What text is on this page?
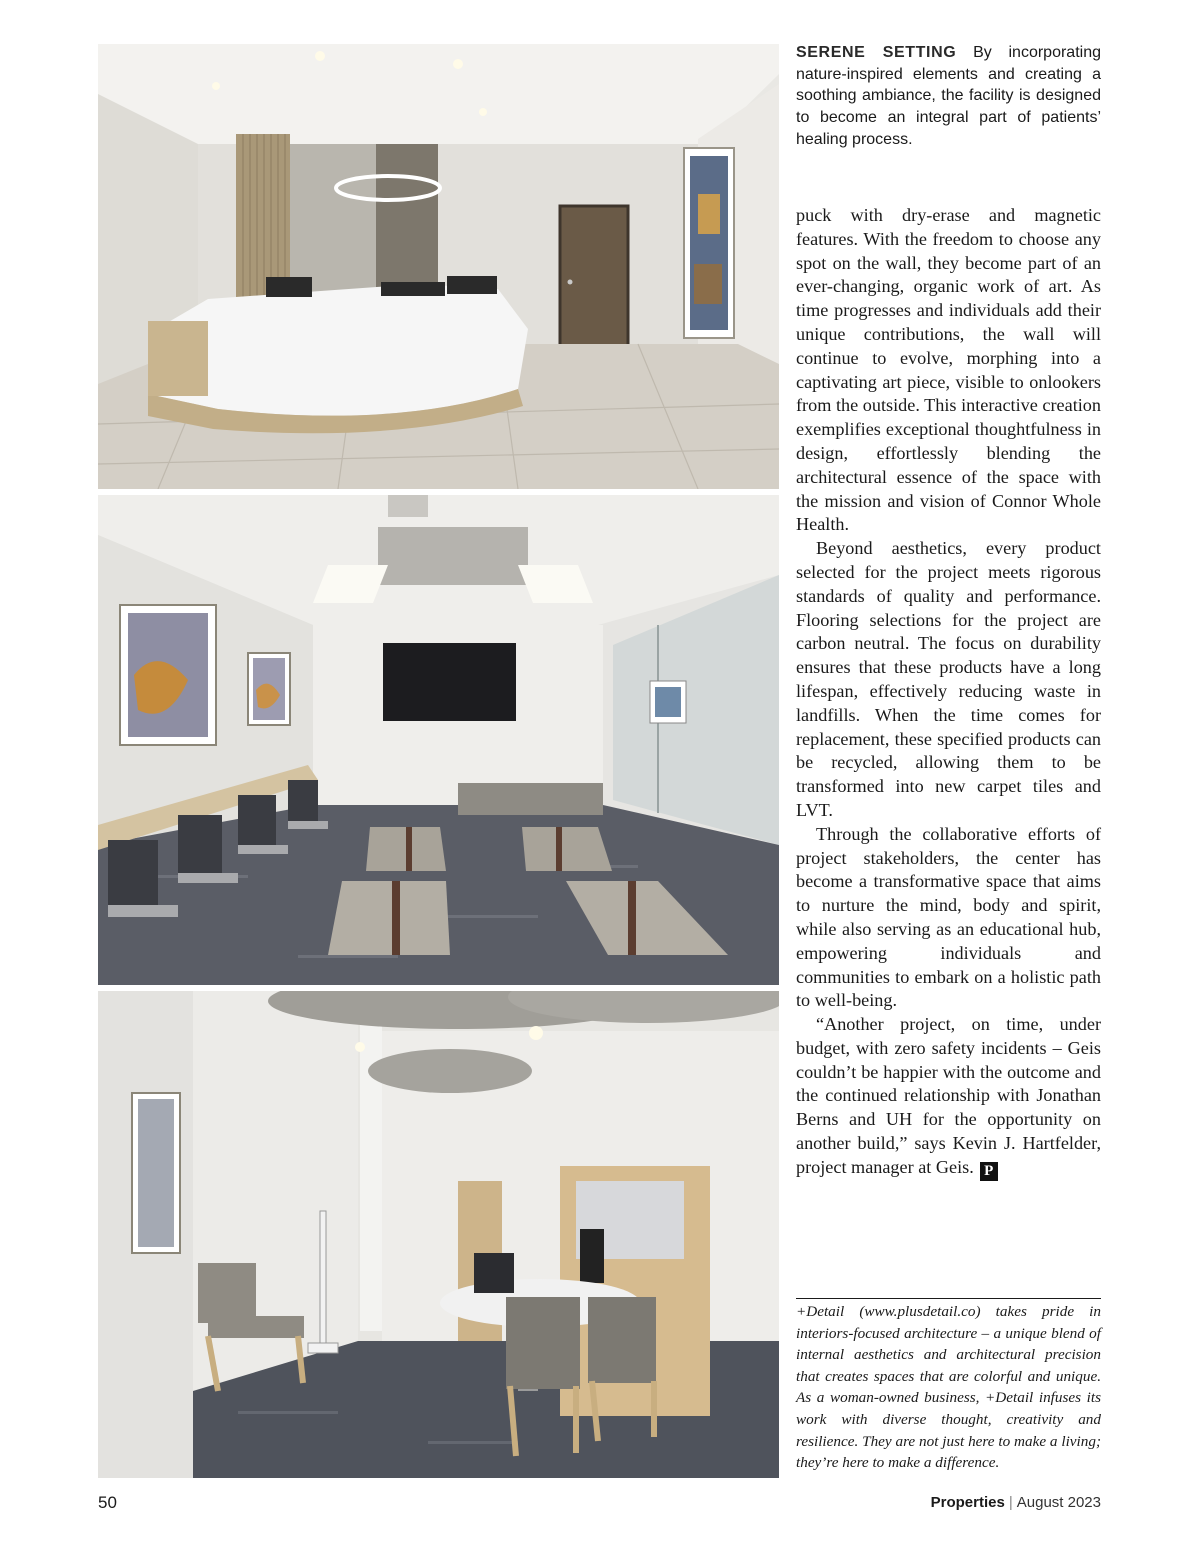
SERENE SETTING By incorporating nature-inspired elements and creating a soothing ambiance, the facility is designed to become an integral part of patients’ healing process.

puck with dry-erase and magnetic features. With the freedom to choose any spot on the wall, they become part of an ever-changing, organic work of art. As time progresses and individuals add their unique contributions, the wall will continue to evolve, morphing into a captivating art piece, visible to onlookers from the outside. This interactive creation exemplifies exceptional thoughtfulness in design, effortlessly blending the architectural essence of the space with the mission and vision of Connor Whole Health.

Beyond aesthetics, every product selected for the project meets rigorous standards of quality and performance. Flooring selections for the project are carbon neutral. The focus on durability ensures that these products have a long lifespan, effectively reducing waste in landfills. When the time comes for replacement, these specified products can be recycled, allowing them to be transformed into new carpet tiles and LVT.

Through the collaborative efforts of project stakeholders, the center has become a transformative space that aims to nurture the mind, body and spirit, while also serving as an educational hub, empowering individuals and communities to embark on a holistic path to well-being.

“Another project, on time, under budget, with zero safety incidents – Geis couldn’t be happier with the outcome and the continued relationship with Jonathan Berns and UH for the opportunity on another build,” says Kevin J. Hartfelder, project manager at Geis. P

+Detail (www.plusdetail.co) takes pride in interiors-focused architecture – a unique blend of internal aesthetics and architectural precision that creates spaces that are colorful and unique. As a woman-owned business, +Detail infuses its work with diverse thought, creativity and resilience. They are not just here to make a living; they’re here to make a difference.
50	Properties | August 2023
